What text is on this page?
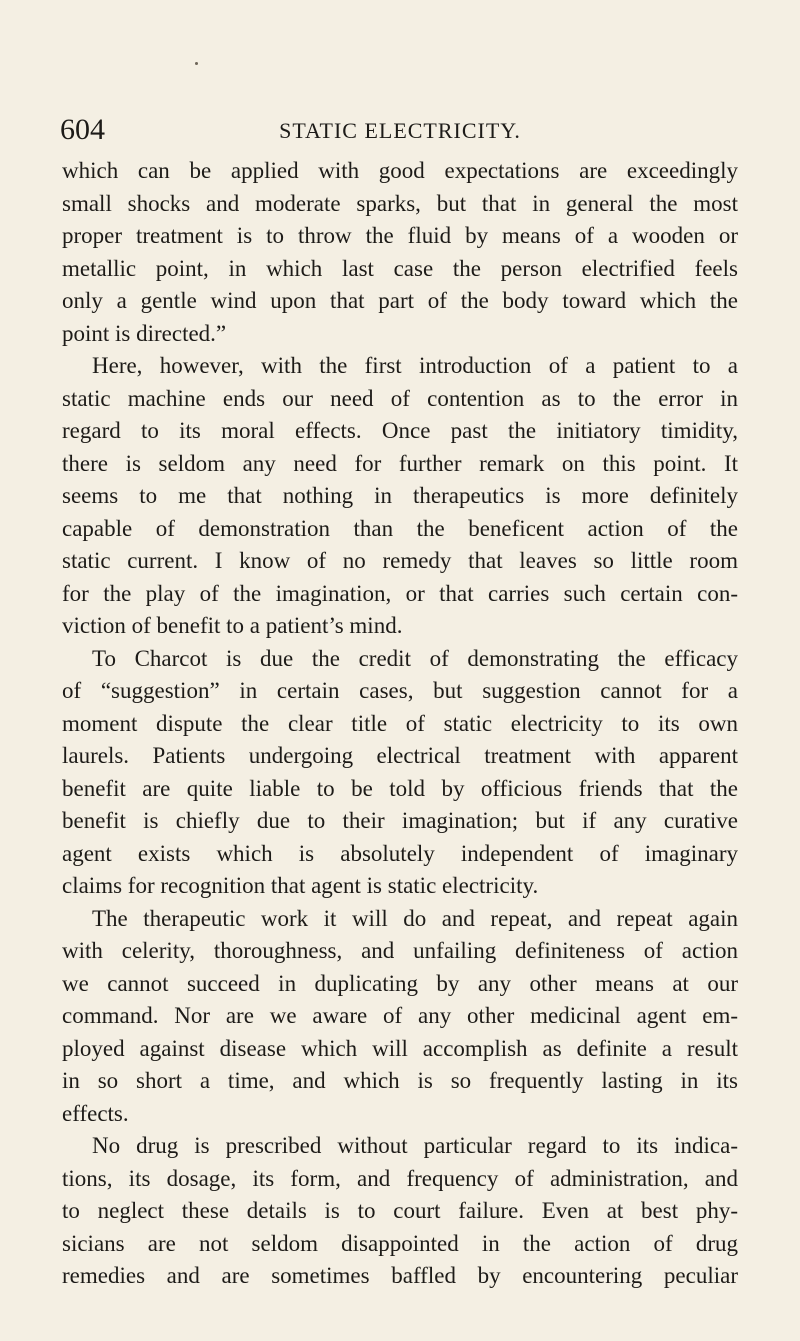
604	STATIC ELECTRICITY.
which can be applied with good expectations are exceedingly
small shocks and moderate sparks, but that in general the most
proper treatment is to throw the fluid by means of a wooden or
metallic point, in which last case the person electrified feels
only a gentle wind upon that part of the body toward which the
point is directed.”
Here, however, with the first introduction of a patient to a
static machine ends our need of contention as to the error in
regard to its moral effects. Once past the initiatory timidity,
there is seldom any need for further remark on this point. It
seems to me that nothing in therapeutics is more definitely
capable of demonstration than the beneficent action of the
static current. I know of no remedy that leaves so little room
for the play of the imagination, or that carries such certain con-
viction of benefit to a patient’s mind.
To Charcot is due the credit of demonstrating the efficacy
of “suggestion” in certain cases, but suggestion cannot for a
moment dispute the clear title of static electricity to its own
laurels. Patients undergoing electrical treatment with apparent
benefit are quite liable to be told by officious friends that the
benefit is chiefly due to their imagination; but if any curative
agent exists which is absolutely independent of imaginary
claims for recognition that agent is static electricity.
The therapeutic work it will do and repeat, and repeat again
with celerity, thoroughness, and unfailing definiteness of action
we cannot succeed in duplicating by any other means at our
command. Nor are we aware of any other medicinal agent em-
ployed against disease which will accomplish as definite a result
in so short a time, and which is so frequently lasting in its
effects.
No drug is prescribed without particular regard to its indica-
tions, its dosage, its form, and frequency of administration, and
to neglect these details is to court failure. Even at best phy-
sicians are not seldom disappointed in the action of drug
remedies and are sometimes baffled by encountering peculiar
